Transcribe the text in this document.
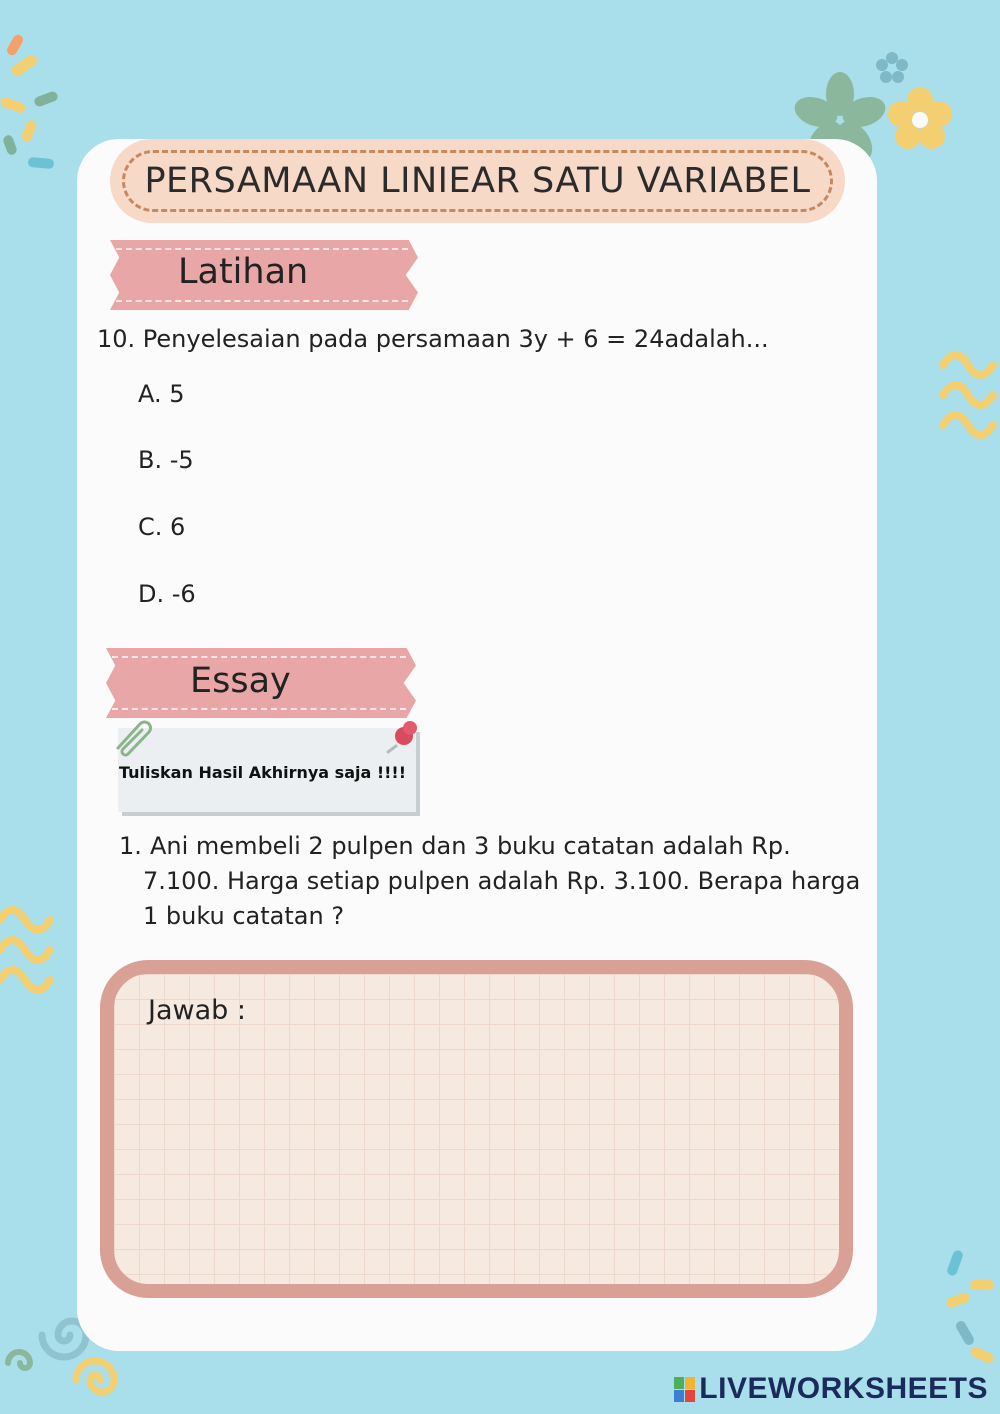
PERSAMAAN LINIEAR SATU VARIABEL
Latihan
10. Penyelesaian pada persamaan 3y + 6 = 24adalah...
A. 5
B. -5
C. 6
D. -6
Essay
Tuliskan Hasil Akhirnya saja !!!!
1. Ani membeli 2 pulpen dan 3 buku catatan adalah Rp.
7.100. Harga setiap pulpen adalah Rp. 3.100. Berapa harga
1 buku catatan ?
Jawab :
LIVEWORKSHEETS
